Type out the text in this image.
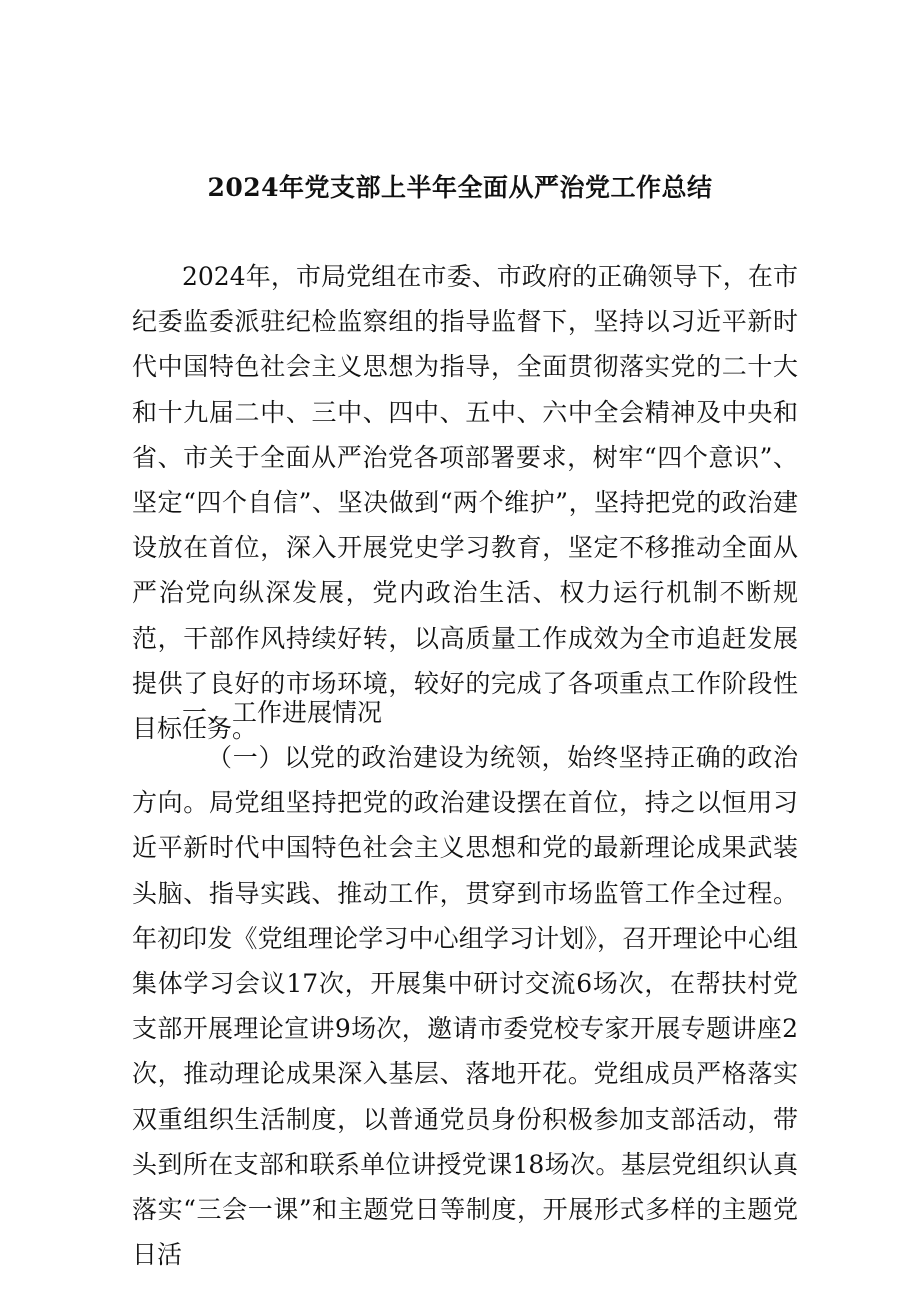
2024年党支部上半年全面从严治党工作总结

2024年，市局党组在市委、市政府的正确领导下，在市纪委监委派驻纪检监察组的指导监督下，坚持以习近平新时代中国特色社会主义思想为指导，全面贯彻落实党的二十大和十九届二中、三中、四中、五中、六中全会精神及中央和省、市关于全面从严治党各项部署要求，树牢“四个意识”、坚定“四个自信”、坚决做到“两个维护”，坚持把党的政治建设放在首位，深入开展党史学习教育，坚定不移推动全面从严治党向纵深发展，党内政治生活、权力运行机制不断规范，干部作风持续好转，以高质量工作成效为全市追赶发展提供了良好的市场环境，较好的完成了各项重点工作阶段性目标任务。

一、工作进展情况

（一）以党的政治建设为统领，始终坚持正确的政治方向。局党组坚持把党的政治建设摆在首位，持之以恒用习近平新时代中国特色社会主义思想和党的最新理论成果武装头脑、指导实践、推动工作，贯穿到市场监管工作全过程。年初印发《党组理论学习中心组学习计划》，召开理论中心组集体学习会议17次，开展集中研讨交流6场次，在帮扶村党支部开展理论宣讲9场次，邀请市委党校专家开展专题讲座2次，推动理论成果深入基层、落地开花。党组成员严格落实双重组织生活制度，以普通党员身份积极参加支部活动，带头到所在支部和联系单位讲授党课18场次。基层党组织认真落实“三会一课”和主题党日等制度，开展形式多样的主题党日活
